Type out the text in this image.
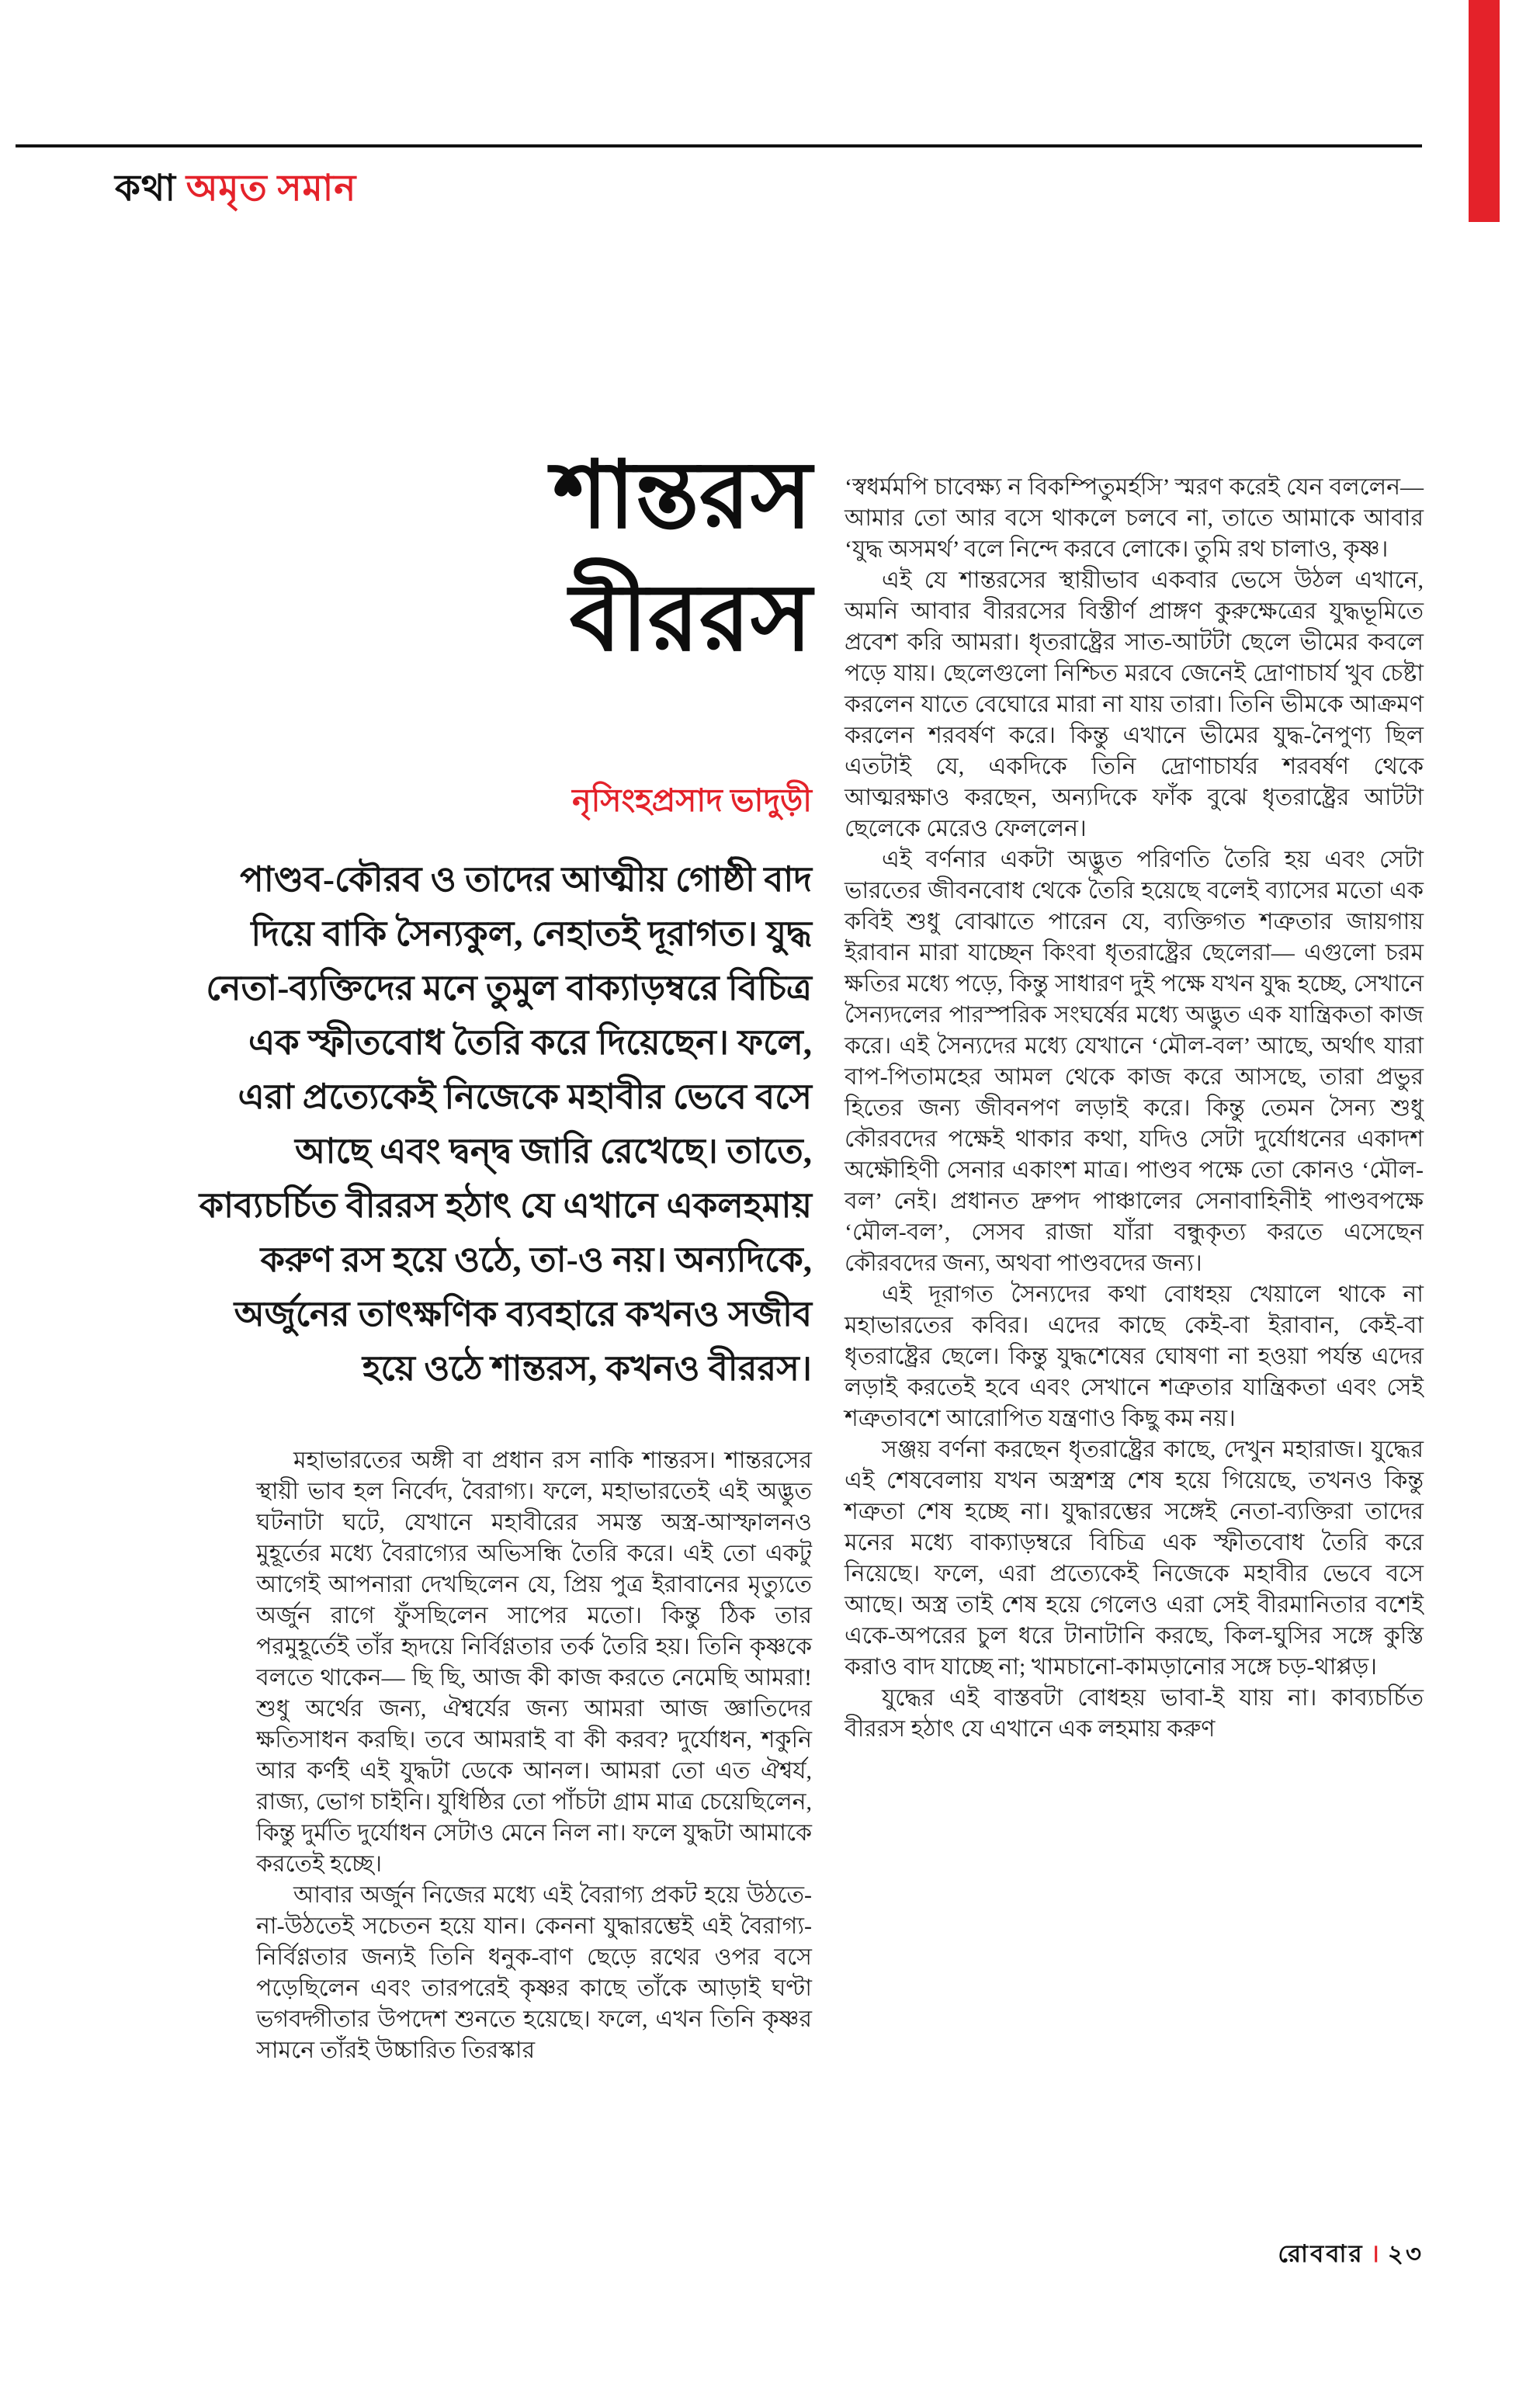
কথা অমৃত সমান
শান্তরস
বীররস
নৃসিংহপ্রসাদ ভাদুড়ী
পাণ্ডব-কৌরব ও তাদের আত্মীয় গোষ্ঠী বাদ
দিয়ে বাকি সৈন্যকুল, নেহাতই দূরাগত। যুদ্ধ
নেতা-ব্যক্তিদের মনে তুমুল বাক্যাড়ম্বরে বিচিত্র
এক স্ফীতবোধ তৈরি করে দিয়েছেন। ফলে,
এরা প্রত্যেকেই নিজেকে মহাবীর ভেবে বসে
আছে এবং দ্বন্দ্ব জারি রেখেছে। তাতে,
কাব্যচর্চিত বীররস হঠাৎ যে এখানে একলহমায়
করুণ রস হয়ে ওঠে, তা-ও নয়। অন্যদিকে,
অর্জুনের তাৎক্ষণিক ব্যবহারে কখনও সজীব
হয়ে ওঠে শান্তরস, কখনও বীররস।

মহাভারতের অঙ্গী বা প্রধান রস নাকি শান্তরস। শান্তরসের স্থায়ী ভাব হল নির্বেদ, বৈরাগ্য। ফলে, মহাভারতেই এই অদ্ভুত ঘটনাটা ঘটে, যেখানে মহাবীরের সমস্ত অস্ত্র-আস্ফালনও মুহূর্তের মধ্যে বৈরাগ্যের অভিসন্ধি তৈরি করে। এই তো একটু আগেই আপনারা দেখছিলেন যে, প্রিয় পুত্র ইরাবানের মৃত্যুতে অর্জুন রাগে ফুঁসছিলেন সাপের মতো। কিন্তু ঠিক তার পরমুহূর্তেই তাঁর হৃদয়ে নির্বিণ্ণতার তর্ক তৈরি হয়। তিনি কৃষ্ণকে বলতে থাকেন— ছি ছি, আজ কী কাজ করতে নেমেছি আমরা! শুধু অর্থের জন্য, ঐশ্বর্যের জন্য আমরা আজ জ্ঞাতিদের ক্ষতিসাধন করছি। তবে আমরাই বা কী করব? দুর্যোধন, শকুনি আর কর্ণই এই যুদ্ধটা ডেকে আনল। আমরা তো এত ঐশ্বর্য, রাজ্য, ভোগ চাইনি। যুধিষ্ঠির তো পাঁচটা গ্রাম মাত্র চেয়েছিলেন, কিন্তু দুর্মতি দুর্যোধন সেটাও মেনে নিল না। ফলে যুদ্ধটা আমাকে করতেই হচ্ছে।

আবার অর্জুন নিজের মধ্যে এই বৈরাগ্য প্রকট হয়ে উঠতে-না-উঠতেই সচেতন হয়ে যান। কেননা যুদ্ধারম্ভেই এই বৈরাগ্য-নির্বিণ্ণতার জন্যই তিনি ধনুক-বাণ ছেড়ে রথের ওপর বসে পড়েছিলেন এবং তারপরেই কৃষ্ণর কাছে তাঁকে আড়াই ঘণ্টা ভগবদ্গীতার উপদেশ শুনতে হয়েছে। ফলে, এখন তিনি কৃষ্ণর সামনে তাঁরই উচ্চারিত তিরস্কার

‘স্বধর্মমপি চাবেক্ষ্য ন বিকম্পিতুমর্হসি’ স্মরণ করেই যেন বললেন— আমার তো আর বসে থাকলে চলবে না, তাতে আমাকে আবার ‘যুদ্ধ অসমর্থ’ বলে নিন্দে করবে লোকে। তুমি রথ চালাও, কৃষ্ণ।

এই যে শান্তরসের স্থায়ীভাব একবার ভেসে উঠল এখানে, অমনি আবার বীররসের বিস্তীর্ণ প্রাঙ্গণ কুরুক্ষেত্রের যুদ্ধভূমিতে প্রবেশ করি আমরা। ধৃতরাষ্ট্রের সাত-আটটা ছেলে ভীমের কবলে পড়ে যায়। ছেলেগুলো নিশ্চিত মরবে জেনেই দ্রোণাচার্য খুব চেষ্টা করলেন যাতে বেঘোরে মারা না যায় তারা। তিনি ভীমকে আক্রমণ করলেন শরবর্ষণ করে। কিন্তু এখানে ভীমের যুদ্ধ-নৈপুণ্য ছিল এতটাই যে, একদিকে তিনি দ্রোণাচার্যর শরবর্ষণ থেকে আত্মরক্ষাও করছেন, অন্যদিকে ফাঁক বুঝে ধৃতরাষ্ট্রের আটটা ছেলেকে মেরেও ফেললেন।

এই বর্ণনার একটা অদ্ভুত পরিণতি তৈরি হয় এবং সেটা ভারতের জীবনবোধ থেকে তৈরি হয়েছে বলেই ব্যাসের মতো এক কবিই শুধু বোঝাতে পারেন যে, ব্যক্তিগত শত্রুতার জায়গায় ইরাবান মারা যাচ্ছেন কিংবা ধৃতরাষ্ট্রের ছেলেরা— এগুলো চরম ক্ষতির মধ্যে পড়ে, কিন্তু সাধারণ দুই পক্ষে যখন যুদ্ধ হচ্ছে, সেখানে সৈন্যদলের পারস্পরিক সংঘর্ষের মধ্যে অদ্ভুত এক যান্ত্রিকতা কাজ করে। এই সৈন্যদের মধ্যে যেখানে ‘মৌল-বল’ আছে, অর্থাৎ যারা বাপ-পিতামহের আমল থেকে কাজ করে আসছে, তারা প্রভুর হিতের জন্য জীবনপণ লড়াই করে। কিন্তু তেমন সৈন্য শুধু কৌরবদের পক্ষেই থাকার কথা, যদিও সেটা দুর্যোধনের একাদশ অক্ষৌহিণী সেনার একাংশ মাত্র। পাণ্ডব পক্ষে তো কোনও ‘মৌল-বল’ নেই। প্রধানত দ্রুপদ পাঞ্চালের সেনাবাহিনীই পাণ্ডবপক্ষে ‘মৌল-বল’, সেসব রাজা যাঁরা বন্ধুকৃত্য করতে এসেছেন কৌরবদের জন্য, অথবা পাণ্ডবদের জন্য।

এই দূরাগত সৈন্যদের কথা বোধহয় খেয়ালে থাকে না মহাভারতের কবির। এদের কাছে কেই-বা ইরাবান, কেই-বা ধৃতরাষ্ট্রের ছেলে। কিন্তু যুদ্ধশেষের ঘোষণা না হওয়া পর্যন্ত এদের লড়াই করতেই হবে এবং সেখানে শত্রুতার যান্ত্রিকতা এবং সেই শত্রুতাবশে আরোপিত যন্ত্রণাও কিছু কম নয়।

সঞ্জয় বর্ণনা করছেন ধৃতরাষ্ট্রের কাছে, দেখুন মহারাজ। যুদ্ধের এই শেষবেলায় যখন অস্ত্রশস্ত্র শেষ হয়ে গিয়েছে, তখনও কিন্তু শত্রুতা শেষ হচ্ছে না। যুদ্ধারম্ভের সঙ্গেই নেতা-ব্যক্তিরা তাদের মনের মধ্যে বাক্যাড়ম্বরে বিচিত্র এক স্ফীতবোধ তৈরি করে নিয়েছে। ফলে, এরা প্রত্যেকেই নিজেকে মহাবীর ভেবে বসে আছে। অস্ত্র তাই শেষ হয়ে গেলেও এরা সেই বীরমানিতার বশেই একে-অপরের চুল ধরে টানাটানি করছে, কিল-ঘুসির সঙ্গে কুস্তি করাও বাদ যাচ্ছে না; খামচানো-কামড়ানোর সঙ্গে চড়-থাপ্পড়।

যুদ্ধের এই বাস্তবটা বোধহয় ভাবা-ই যায় না। কাব্যচর্চিত বীররস হঠাৎ যে এখানে এক লহমায় করুণ

রোববার । ২৩
